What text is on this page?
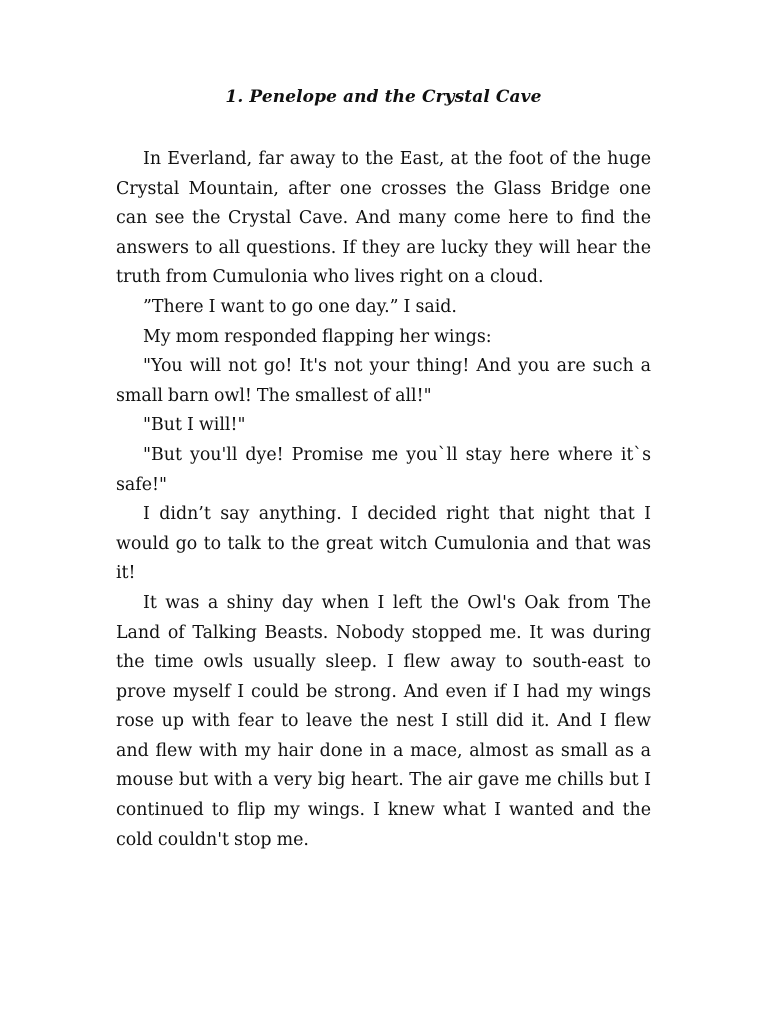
1. Penelope and the Crystal Cave

In Everland, far away to the East, at the foot of the huge Crystal Mountain, after one crosses the Glass Bridge one can see the Crystal Cave. And many come here to find the answers to all questions. If they are lucky they will hear the truth from Cumulonia who lives right on a cloud.

”There I want to go one day.” I said.

My mom responded flapping her wings:

"You will not go! It's not your thing! And you are such a small barn owl! The smallest of all!"

"But I will!"

"But you'll dye! Promise me you`ll stay here where it`s safe!"

I didn’t say anything. I decided right that night that I would go to talk to the great witch Cumulonia and that was it!

It was a shiny day when I left the Owl's Oak from The Land of Talking Beasts. Nobody stopped me. It was during the time owls usually sleep. I flew away to south-east to prove myself I could be strong. And even if I had my wings rose up with fear to leave the nest I still did it. And I flew and flew with my hair done in a mace, almost as small as a mouse but with a very big heart. The air gave me chills but I continued to flip my wings. I knew what I wanted and the cold couldn't stop me.
